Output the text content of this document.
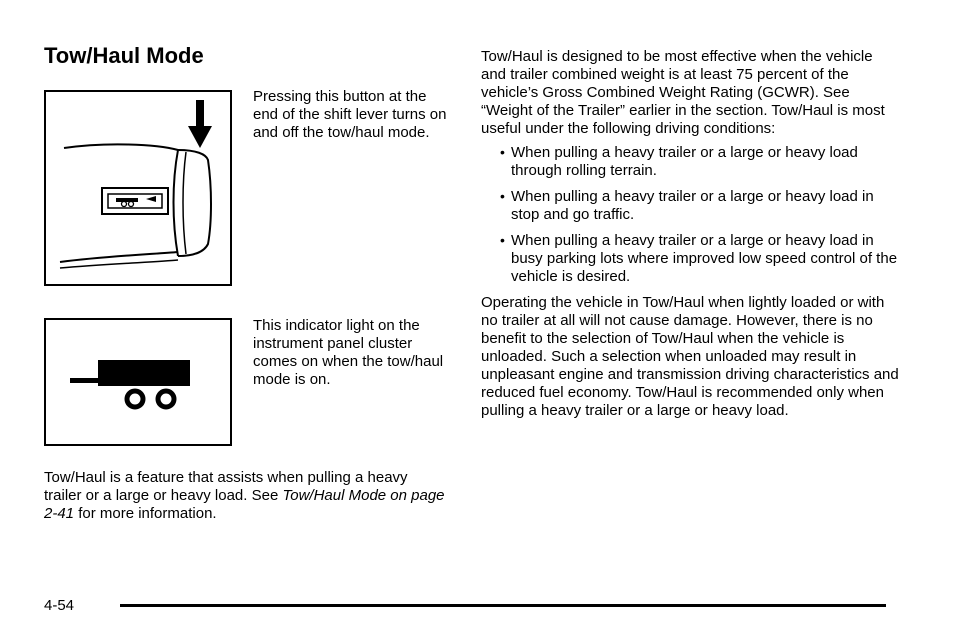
Tow/Haul Mode

Pressing this button at the end of the shift lever turns on and off the tow/haul mode.

This indicator light on the instrument panel cluster comes on when the tow/haul mode is on.

Tow/Haul is a feature that assists when pulling a heavy trailer or a large or heavy load. See Tow/Haul Mode on page 2-41 for more information.

Tow/Haul is designed to be most effective when the vehicle and trailer combined weight is at least 75 percent of the vehicle’s Gross Combined Weight Rating (GCWR). See “Weight of the Trailer” earlier in the section. Tow/Haul is most useful under the following driving conditions:

• When pulling a heavy trailer or a large or heavy load through rolling terrain.
• When pulling a heavy trailer or a large or heavy load in stop and go traffic.
• When pulling a heavy trailer or a large or heavy load in busy parking lots where improved low speed control of the vehicle is desired.

Operating the vehicle in Tow/Haul when lightly loaded or with no trailer at all will not cause damage. However, there is no benefit to the selection of Tow/Haul when the vehicle is unloaded. Such a selection when unloaded may result in unpleasant engine and transmission driving characteristics and reduced fuel economy. Tow/Haul is recommended only when pulling a heavy trailer or a large or heavy load.

4-54
